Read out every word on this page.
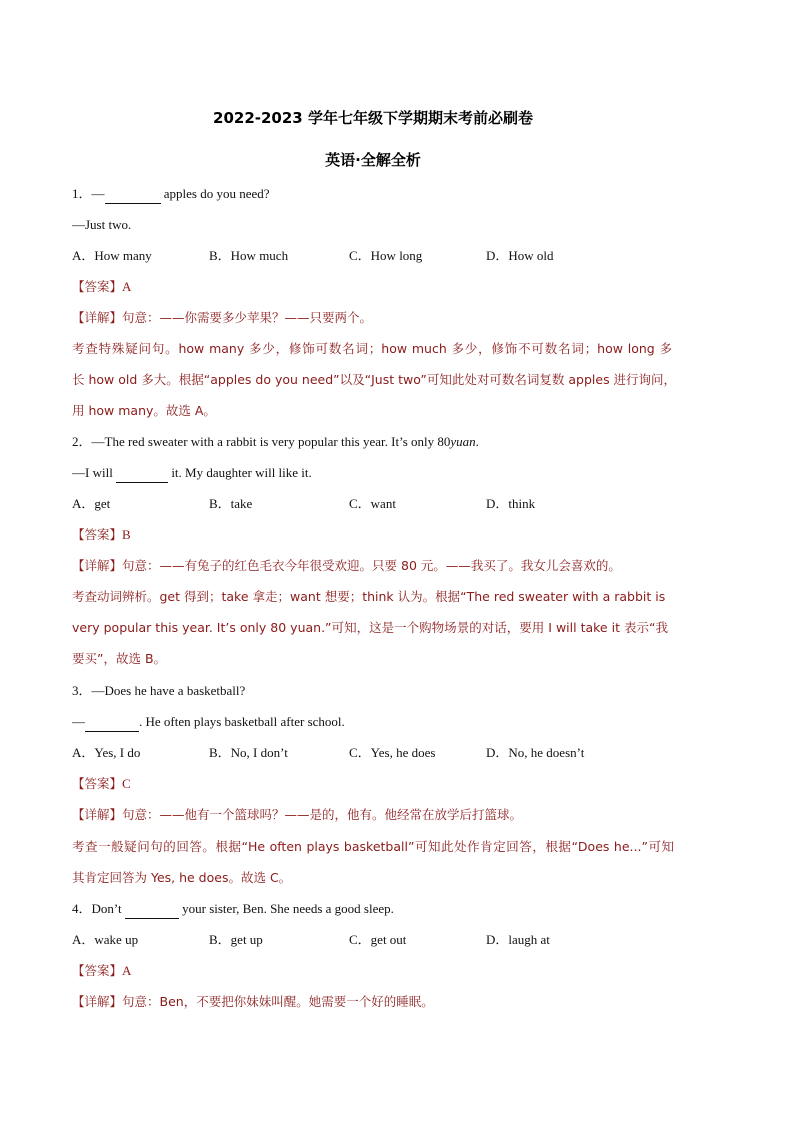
2022-2023 学年七年级下学期期末考前必刷卷
英语·全解全析
1．—	apples do you need?
—Just two.
A．How many	B．How much	C．How long	D．How old
【答案】A
【详解】句意：——你需要多少苹果？——只要两个。
考查特殊疑问句。how many 多少，修饰可数名词；how much 多少，修饰不可数名词；how long 多
长 how old 多大。根据“apples do you need”以及“Just two”可知此处对可数名词复数 apples 进行询问，
用 how many。故选 A。
2．—The red sweater with a rabbit is very popular this year. It’s only 80yuan.
—I will	it. My daughter will like it.
A．get	B．take	C．want	D．think
【答案】B
【详解】句意：——有兔子的红色毛衣今年很受欢迎。只要 80 元。——我买了。我女儿会喜欢的。
考查动词辨析。get 得到；take 拿走；want 想要；think 认为。根据“The red sweater with a rabbit is
very popular this year. It’s only 80 yuan.”可知，这是一个购物场景的对话，要用 I will take it 表示“我
要买”，故选 B。
3．—Does he have a basketball?
—	. He often plays basketball after school.
A．Yes, I do	B．No, I don’t	C．Yes, he does	D．No, he doesn’t
【答案】C
【详解】句意：——他有一个篮球吗？——是的，他有。他经常在放学后打篮球。
考查一般疑问句的回答。根据“He often plays basketball”可知此处作肯定回答，根据“Does he...”可知
其肯定回答为 Yes, he does。故选 C。
4．Don’t	your sister, Ben. She needs a good sleep.
A．wake up	B．get up	C．get out	D．laugh at
【答案】A
【详解】句意：Ben，不要把你妹妹叫醒。她需要一个好的睡眠。
